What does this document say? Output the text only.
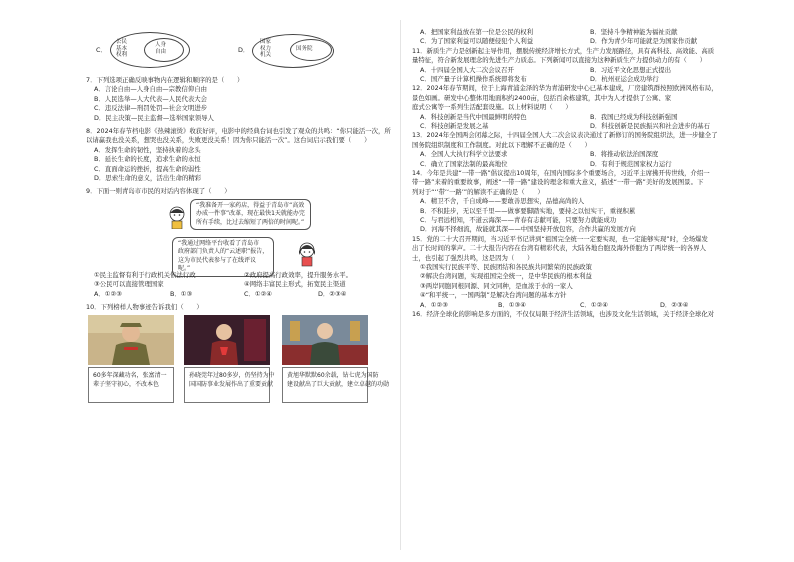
C．
公民
基本
权利
人身
自由	D．
国家
权力
机关
国务院

7．下列选项正确反映事物内在逻辑和顺序的是（　　）

A．言论自由—人身自由—宗教信仰自由

B．人民选举—人大代表—人民代表大会

C．违反法律—刑罚处罚—社会文明进步

D．民主决策—民主监督—选举国家领导人

8．2024年春节档电影《热辣滚烫》收获好评，电影中的经典台词也引发了观众的共鸣：“你只能活一次，所

以请赢我也没关系，想哭也没关系，失败更没关系！因为你只能活一次”。这台词启示我们要（　　）

A．发挥生命的韧性，坚持执着的念头

B．延长生命的长度，追求生命的永恒

C．直面命运的挫折，提高生命的弱性

D．思索生命的意义，活出生命的精彩

9．下面一则青岛市市民的对话内容体现了（　　）

“我准备开一家药店，得益于青岛市“高效
办成一件事”改革，现在最快1天就能办完
所有手续，比过去缩短了两倍的时间呢。”
“我通过网络平台收看了青岛市
政府部门负责人的“云述职”报告，
这为市民代表参与了在线评议
呢。”
①民主监督有利于行政机关依法行政	②政府提高行政效率，提升服务水平。
③公民可以直接管理国家	④网络丰富民主形式，拓宽民主渠道
A．①②③	B．①③	C．①②④	D．②③④

10．下列榜样人物事迹告诉我们（　　）

60多年深藏功名，张富清一
辈子坚守初心，不改本色
孙晓莞年过80多岁，仍坚持为中
国国防事业发展作出了重要贡献
黄旭华默默60余载，钻七虎为国防
建设献出了巨大贡献，建立卓越的功勋
A．把国家利益放在第一位是公民的权利	B．坚持斗争精神能为福祉贡献
C．为了国家利益可以随便侵犯个人利益	D．作为青少年可能就是为国家作贡献

11．新质生产力是创新起主导作用，摆脱传统经济增长方式，生产力发展路径，具有高科技、高效能、高质

量特征，符合新发展理念的先进生产力质态。下列新闻可以直接为这种新质生产力提供动力的有（　　）

A．十四届全国人大二次会议召开	B．习近平文化思想正式提出
C．国产量子计算机操作系统即将发布	D．杭州亚运会成功举行

12．2024年春节期间，位于上海青浦金泽的华为青浦研发中心已基本建成，厂房建筑群按照欧洲风格布局，

景色如画。研发中心整体用地面积约2400亩，包括百余栋建筑，其中为人才提供了公寓、家

庭式公寓等一系列生活配套设施。以上材料说明（　　）

A．科技创新是当代中国最鲜明的特色	B．我国已经成为科技创新强国
C．科技创新是发展之基	D．科技创新是民族振兴和社会进步的基石

13．2024年全国两会闭幕之际，十四届全国人大二次会议表决通过了新修订的国务院组织法，进一步健全了

国务院组织制度和工作制度。对此以下理解不正确的是（　　）

A．全国人大执行科学立法要求	B．将推动依法治国深度
C．确立了国家法制的最高地位	D．有利于规范国家权力运行

14．今年是共建“一带一路”倡议提出10周年，在国内国际多个重要场合，习近平主席拂开传世线，介绍一

带一路”来着的重要故事，阐述“一带一路”建设的理念和重大意义，描述“一带一路”美好的发展图景。下

列对于“‘’带’‘一路’”的解读不正确的是（　　）

A．精卫不舍，千自成峰——要敢善思想实，品德高尚的人

B．不积跬步，无以至千里——做事要脚踏实地，要持之以恒实干，重视积累

C．与君远相知，不道云海深——青春有志献可能，只要努力就能成功

D．河海不择细流，故能就其深——中国坚持开放包容，合作共赢的发展方向

15．党的二十大召开期间，当习近平书记讲到“祖国完全统一一定要实现，也一定能够实现”时，全场爆发

出了长时间的掌声。二十大报告内容在台湾有精彩代表，大陆各地台胞及海外侨胞为了两岸统一的各界人

士，也引起了强烈共鸣，这是因为（　　）

①我国实行民族平等、民族团结和各民族共同繁荣的民族政策

②解决台湾问题，实现祖国完全统一，是中华民族的根本利益

③两岸同胞同根同源、同文同种，是血浓于水的一家人

④“和平统一，一国两制”是解决台湾问题的基本方针

A．①②③	B．①③④	C．①②④	D．②③④

16．经济全球化的影响是多方面的，不仅仅局限于经济生活领域，也涉及文化生活领域，关于经济全球化对
